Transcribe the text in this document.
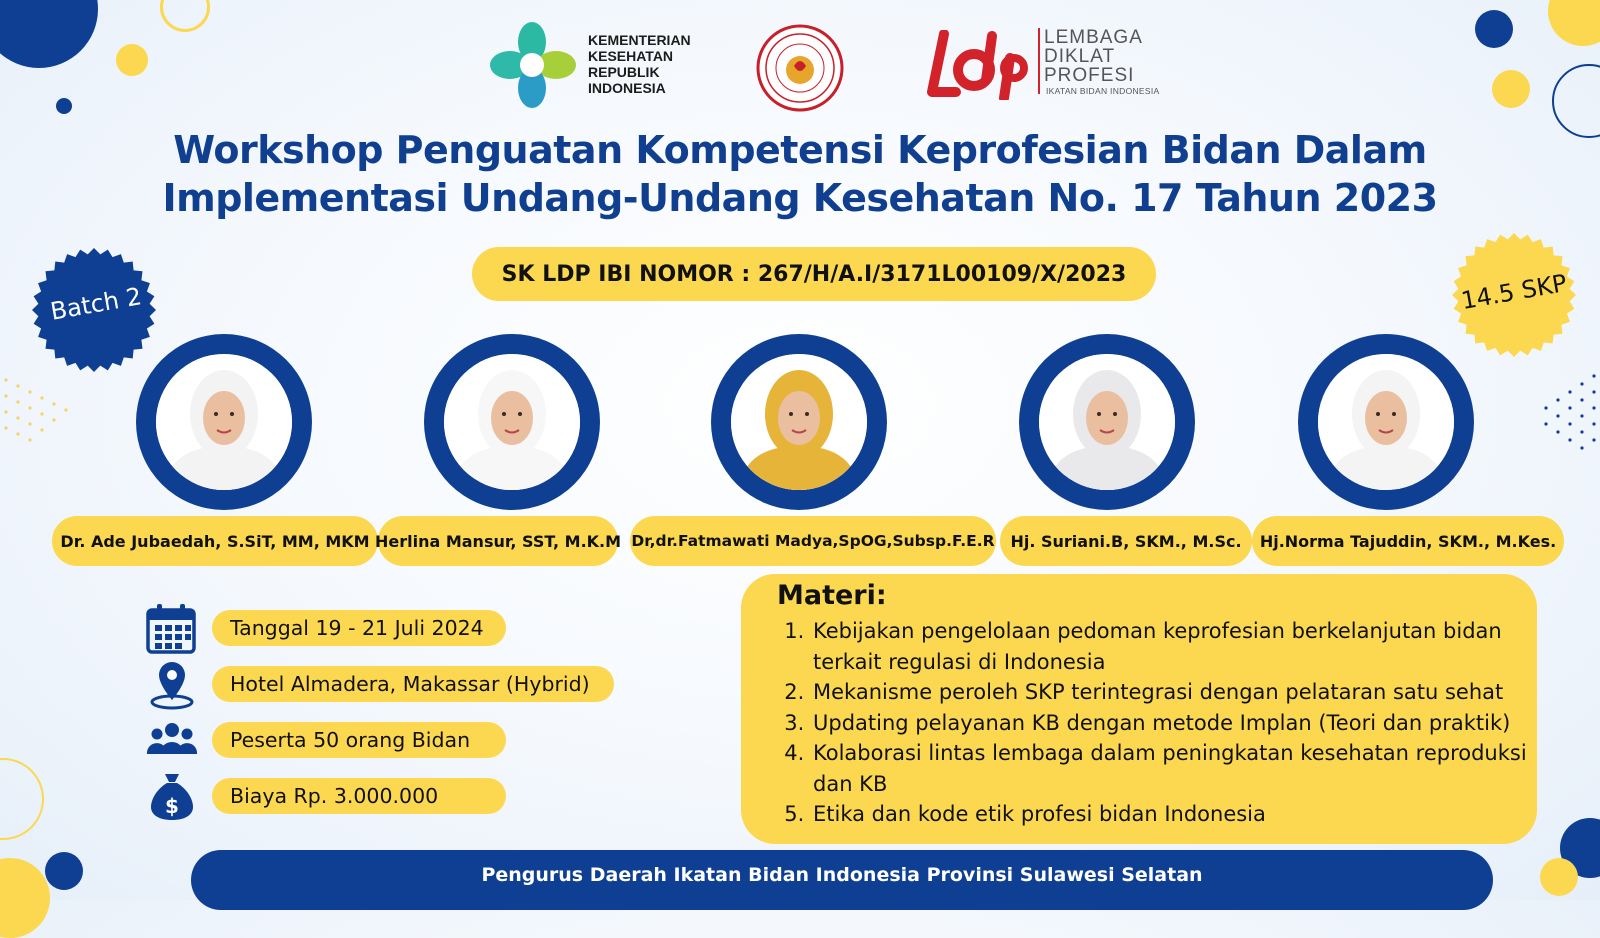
KEMENTERIAN
KESEHATAN
REPUBLIK
INDONESIA
LEMBAGA
DIKLAT
PROFESI
IKATAN BIDAN INDONESIA
Workshop Penguatan Kompetensi Keprofesian Bidan Dalam
Implementasi Undang-Undang Kesehatan No. 17 Tahun 2023
SK LDP IBI NOMOR : 267/H/A.I/3171L00109/X/2023
Batch 2	14.5 SKP
Dr. Ade Jubaedah, S.SiT, MM, MKM Herlina Mansur, SST, M.K.M Dr,dr.Fatmawati Madya,SpOG,Subsp.F.E.R Hj. Suriani.B, SKM., M.Sc. Hj.Norma Tajuddin, SKM., M.Kes.
Tanggal 19 - 21 Juli 2024
Hotel Almadera, Makassar (Hybrid)
Peserta 50 orang Bidan
$ Biaya Rp. 3.000.000
Materi:
1. Kebijakan pengelolaan pedoman keprofesian berkelanjutan bidan terkait regulasi di Indonesia
2. Mekanisme peroleh SKP terintegrasi dengan pelataran satu sehat
3. Updating pelayanan KB dengan metode Implan (Teori dan praktik)
4. Kolaborasi lintas lembaga dalam peningkatan kesehatan reproduksi dan KB
5. Etika dan kode etik profesi bidan Indonesia
Pengurus Daerah Ikatan Bidan Indonesia Provinsi Sulawesi Selatan
